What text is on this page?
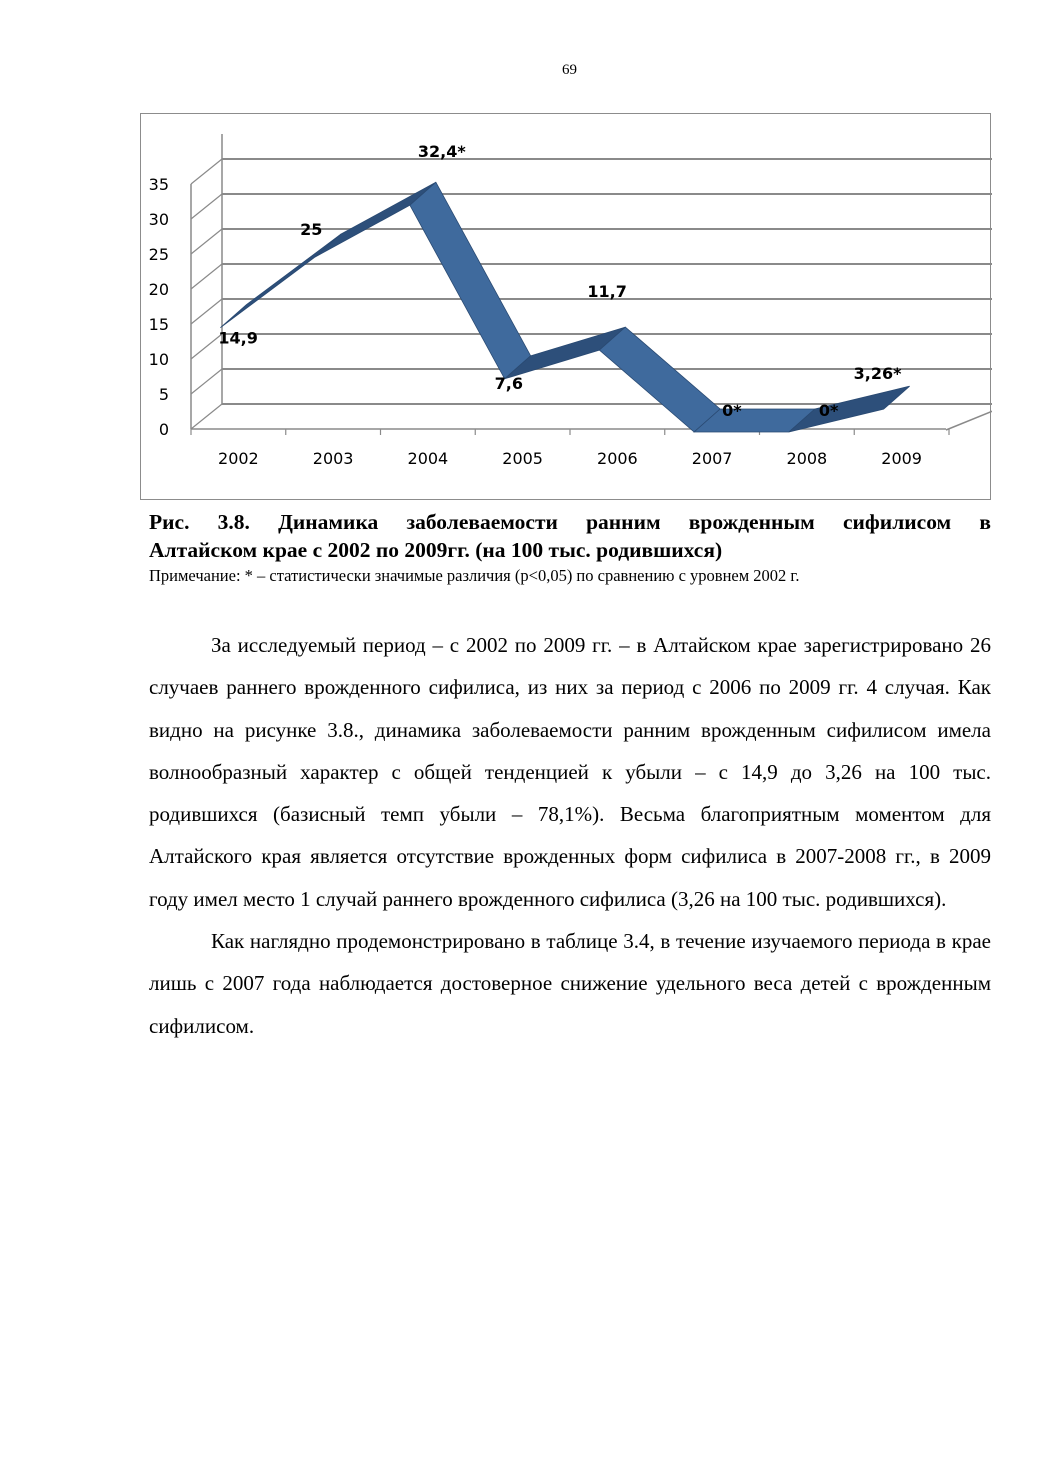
69
0
5
10
15
20
25
30
35
2002	2003	2004	2005	2006	2007	2008	2009
14,9
25
32,4*
7,6
11,7
0*	0*
3,26*
Рис. 3.8. Динамика заболеваемости ранним врожденным сифилисом в
Алтайском крае с 2002 по 2009гг. (на 100 тыс. родившихся)
Примечание: * – статистически значимые различия (p<0,05) по сравнению с уровнем 2002 г.

За исследуемый период – с 2002 по 2009 гг. – в Алтайском крае зарегистрировано 26 случаев раннего врожденного сифилиса, из них за период с 2006 по 2009 гг. 4 случая. Как видно на рисунке 3.8., динамика заболеваемости ранним врожденным сифилисом имела волнообразный характер с общей тенденцией к убыли – с 14,9 до 3,26 на 100 тыс. родившихся (базисный темп убыли – 78,1%). Весьма благоприятным моментом для Алтайского края является отсутствие врожденных форм сифилиса в 2007-2008 гг., в 2009 году имел место 1 случай раннего врожденного сифилиса (3,26 на 100 тыс. родившихся).

Как наглядно продемонстрировано в таблице 3.4, в течение изучаемого периода в крае лишь с 2007 года наблюдается достоверное снижение удельного веса детей с врожденным сифилисом.
